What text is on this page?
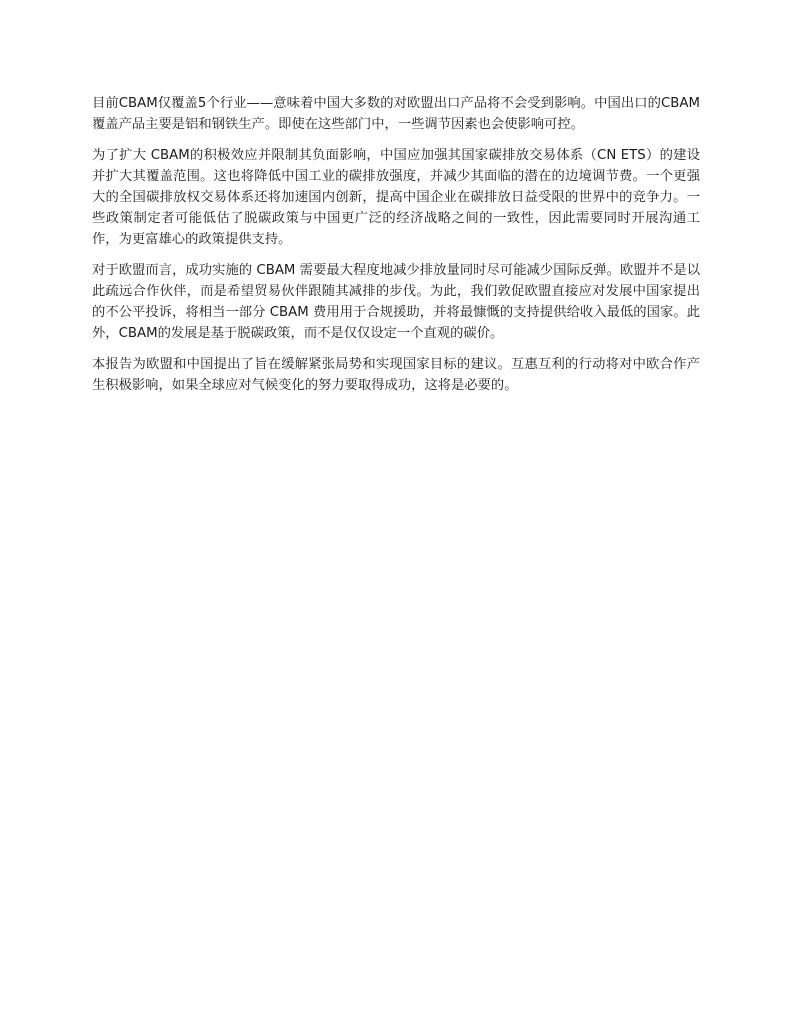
目前CBAM仅覆盖5个行业——意味着中国大多数的对欧盟出口产品将不会受到影响。中国出口的CBAM 覆盖产品主要是铝和钢铁生产。即使在这些部门中，一些调节因素也会使影响可控。

为了扩大 CBAM的积极效应并限制其负面影响，中国应加强其国家碳排放交易体系（CN ETS）的建设并扩大其覆盖范围。这也将降低中国工业的碳排放强度，并减少其面临的潜在的边境调节费。一个更强大的全国碳排放权交易体系还将加速国内创新，提高中国企业在碳排放日益受限的世界中的竞争力。一些政策制定者可能低估了脱碳政策与中国更广泛的经济战略之间的一致性，因此需要同时开展沟通工作，为更富雄心的政策提供支持。

对于欧盟而言，成功实施的 CBAM 需要最大程度地减少排放量同时尽可能减少国际反弹。欧盟并不是以此疏远合作伙伴，而是希望贸易伙伴跟随其减排的步伐。为此，我们敦促欧盟直接应对发展中国家提出的不公平投诉，将相当一部分 CBAM 费用用于合规援助，并将最慷慨的支持提供给收入最低的国家。此外，CBAM的发展是基于脱碳政策，而不是仅仅设定一个直观的碳价。

本报告为欧盟和中国提出了旨在缓解紧张局势和实现国家目标的建议。互惠互利的行动将对中欧合作产生积极影响，如果全球应对气候变化的努力要取得成功，这将是必要的。
